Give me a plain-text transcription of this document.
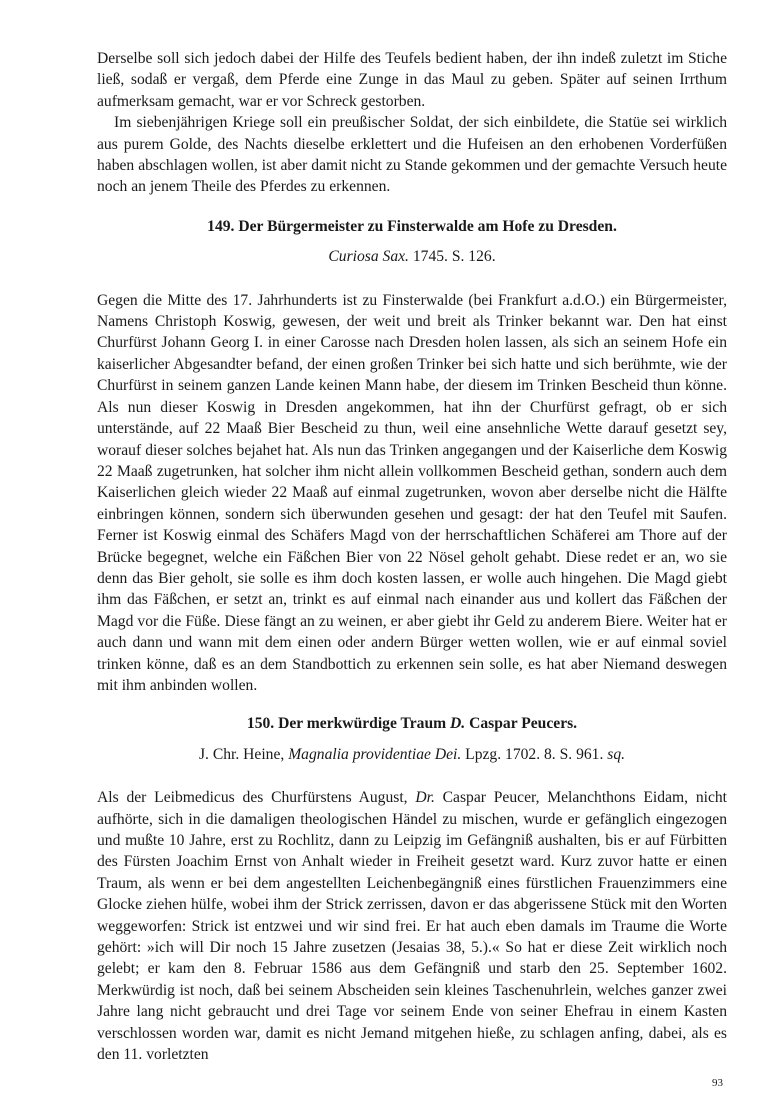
Derselbe soll sich jedoch dabei der Hilfe des Teufels bedient haben, der ihn indeß zuletzt im Stiche ließ, sodaß er vergaß, dem Pferde eine Zunge in das Maul zu geben. Später auf seinen Irrthum aufmerksam gemacht, war er vor Schreck gestorben.

Im siebenjährigen Kriege soll ein preußischer Soldat, der sich einbildete, die Statüe sei wirklich aus purem Golde, des Nachts dieselbe erklettert und die Hufeisen an den erhobenen Vorderfüßen haben abschlagen wollen, ist aber damit nicht zu Stande gekommen und der gemachte Versuch heute noch an jenem Theile des Pferdes zu erkennen.

149. Der Bürgermeister zu Finsterwalde am Hofe zu Dresden.

Curiosa Sax. 1745. S. 126.

Gegen die Mitte des 17. Jahrhunderts ist zu Finsterwalde (bei Frankfurt a.d.O.) ein Bürgermeister, Namens Christoph Koswig, gewesen, der weit und breit als Trinker bekannt war. Den hat einst Churfürst Johann Georg I. in einer Carosse nach Dresden holen lassen, als sich an seinem Hofe ein kaiserlicher Abgesandter befand, der einen großen Trinker bei sich hatte und sich berühmte, wie der Churfürst in seinem ganzen Lande keinen Mann habe, der diesem im Trinken Bescheid thun könne. Als nun dieser Koswig in Dresden angekommen, hat ihn der Churfürst gefragt, ob er sich unterstände, auf 22 Maaß Bier Bescheid zu thun, weil eine ansehnliche Wette darauf gesetzt sey, worauf dieser solches bejahet hat. Als nun das Trinken angegangen und der Kaiserliche dem Koswig 22 Maaß zugetrunken, hat solcher ihm nicht allein vollkommen Bescheid gethan, sondern auch dem Kaiserlichen gleich wieder 22 Maaß auf einmal zugetrunken, wovon aber derselbe nicht die Hälfte einbringen können, sondern sich überwunden gesehen und gesagt: der hat den Teufel mit Saufen. Ferner ist Koswig einmal des Schäfers Magd von der herrschaftlichen Schäferei am Thore auf der Brücke begegnet, welche ein Fäßchen Bier von 22 Nösel geholt gehabt. Diese redet er an, wo sie denn das Bier geholt, sie solle es ihm doch kosten lassen, er wolle auch hingehen. Die Magd giebt ihm das Fäßchen, er setzt an, trinkt es auf einmal nach einander aus und kollert das Fäßchen der Magd vor die Füße. Diese fängt an zu weinen, er aber giebt ihr Geld zu anderem Biere. Weiter hat er auch dann und wann mit dem einen oder andern Bürger wetten wollen, wie er auf einmal soviel trinken könne, daß es an dem Standbottich zu erkennen sein solle, es hat aber Niemand deswegen mit ihm anbinden wollen.

150. Der merkwürdige Traum D. Caspar Peucers.

J. Chr. Heine, Magnalia providentiae Dei. Lpzg. 1702. 8. S. 961. sq.

Als der Leibmedicus des Churfürstens August, Dr. Caspar Peucer, Melanchthons Eidam, nicht aufhörte, sich in die damaligen theologischen Händel zu mischen, wurde er gefänglich eingezogen und mußte 10 Jahre, erst zu Rochlitz, dann zu Leipzig im Gefängniß aushalten, bis er auf Fürbitten des Fürsten Joachim Ernst von Anhalt wieder in Freiheit gesetzt ward. Kurz zuvor hatte er einen Traum, als wenn er bei dem angestellten Leichenbegängniß eines fürstlichen Frauenzimmers eine Glocke ziehen hülfe, wobei ihm der Strick zerrissen, davon er das abgerissene Stück mit den Worten weggeworfen: Strick ist entzwei und wir sind frei. Er hat auch eben damals im Traume die Worte gehört: »ich will Dir noch 15 Jahre zusetzen (Jesaias 38, 5.).« So hat er diese Zeit wirklich noch gelebt; er kam den 8. Februar 1586 aus dem Gefängniß und starb den 25. September 1602. Merkwürdig ist noch, daß bei seinem Abscheiden sein kleines Taschenuhrlein, welches ganzer zwei Jahre lang nicht gebraucht und drei Tage vor seinem Ende von seiner Ehefrau in einem Kasten verschlossen worden war, damit es nicht Jemand mitgehen hieße, zu schlagen anfing, dabei, als es den 11. vorletzten

93
